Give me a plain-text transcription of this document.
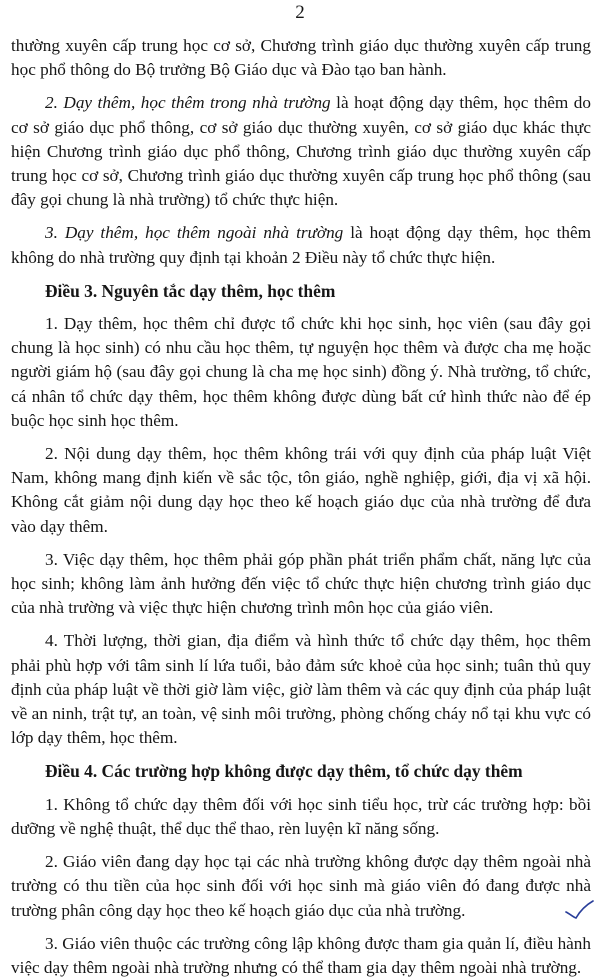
2

thường xuyên cấp trung học cơ sở, Chương trình giáo dục thường xuyên cấp trung học phổ thông do Bộ trưởng Bộ Giáo dục và Đào tạo ban hành.

2. Dạy thêm, học thêm trong nhà trường là hoạt động dạy thêm, học thêm do cơ sở giáo dục phổ thông, cơ sở giáo dục thường xuyên, cơ sở giáo dục khác thực hiện Chương trình giáo dục phổ thông, Chương trình giáo dục thường xuyên cấp trung học cơ sở, Chương trình giáo dục thường xuyên cấp trung học phổ thông (sau đây gọi chung là nhà trường) tổ chức thực hiện.

3. Dạy thêm, học thêm ngoài nhà trường là hoạt động dạy thêm, học thêm không do nhà trường quy định tại khoản 2 Điều này tổ chức thực hiện.

Điều 3. Nguyên tắc dạy thêm, học thêm

1. Dạy thêm, học thêm chỉ được tổ chức khi học sinh, học viên (sau đây gọi chung là học sinh) có nhu cầu học thêm, tự nguyện học thêm và được cha mẹ hoặc người giám hộ (sau đây gọi chung là cha mẹ học sinh) đồng ý. Nhà trường, tổ chức, cá nhân tổ chức dạy thêm, học thêm không được dùng bất cứ hình thức nào để ép buộc học sinh học thêm.

2. Nội dung dạy thêm, học thêm không trái với quy định của pháp luật Việt Nam, không mang định kiến về sắc tộc, tôn giáo, nghề nghiệp, giới, địa vị xã hội. Không cắt giảm nội dung dạy học theo kế hoạch giáo dục của nhà trường để đưa vào dạy thêm.

3. Việc dạy thêm, học thêm phải góp phần phát triển phẩm chất, năng lực của học sinh; không làm ảnh hưởng đến việc tổ chức thực hiện chương trình giáo dục của nhà trường và việc thực hiện chương trình môn học của giáo viên.

4. Thời lượng, thời gian, địa điểm và hình thức tổ chức dạy thêm, học thêm phải phù hợp với tâm sinh lí lứa tuổi, bảo đảm sức khoẻ của học sinh; tuân thủ quy định của pháp luật về thời giờ làm việc, giờ làm thêm và các quy định của pháp luật về an ninh, trật tự, an toàn, vệ sinh môi trường, phòng chống cháy nổ tại khu vực có lớp dạy thêm, học thêm.

Điều 4. Các trường hợp không được dạy thêm, tổ chức dạy thêm

1. Không tổ chức dạy thêm đối với học sinh tiểu học, trừ các trường hợp: bồi dưỡng về nghệ thuật, thể dục thể thao, rèn luyện kĩ năng sống.

2. Giáo viên đang dạy học tại các nhà trường không được dạy thêm ngoài nhà trường có thu tiền của học sinh đối với học sinh mà giáo viên đó đang được nhà trường phân công dạy học theo kế hoạch giáo dục của nhà trường.

3. Giáo viên thuộc các trường công lập không được tham gia quản lí, điều hành việc dạy thêm ngoài nhà trường nhưng có thể tham gia dạy thêm ngoài nhà trường.
